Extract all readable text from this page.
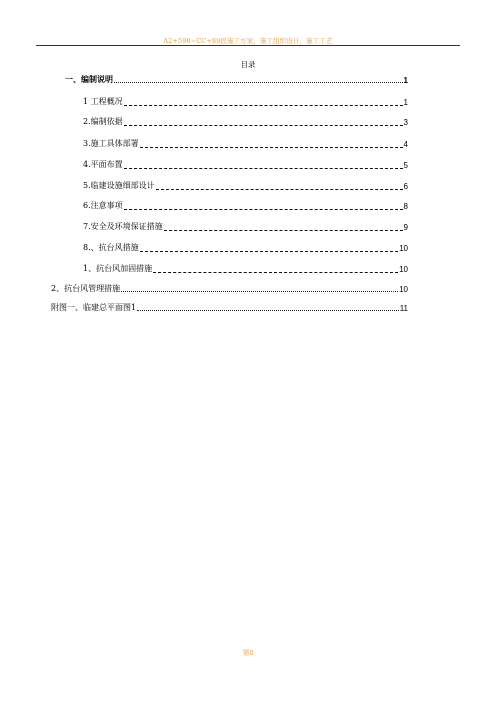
A2+598~CC+89段施工方案，施工组织设计，施工工艺
目录
一、编制说明	1
1 工程概况	1
2.编制依据	3
3.施工具体部署	4
4.平面布置	5
5.临建设施细部设计	6
6.注意事项	8
7.安全及环境保证措施	9
8.、抗台风措施	10
1、抗台风加固措施	10
2、抗台风管理措施	10
附图一、临建总平面图1	11
第0
